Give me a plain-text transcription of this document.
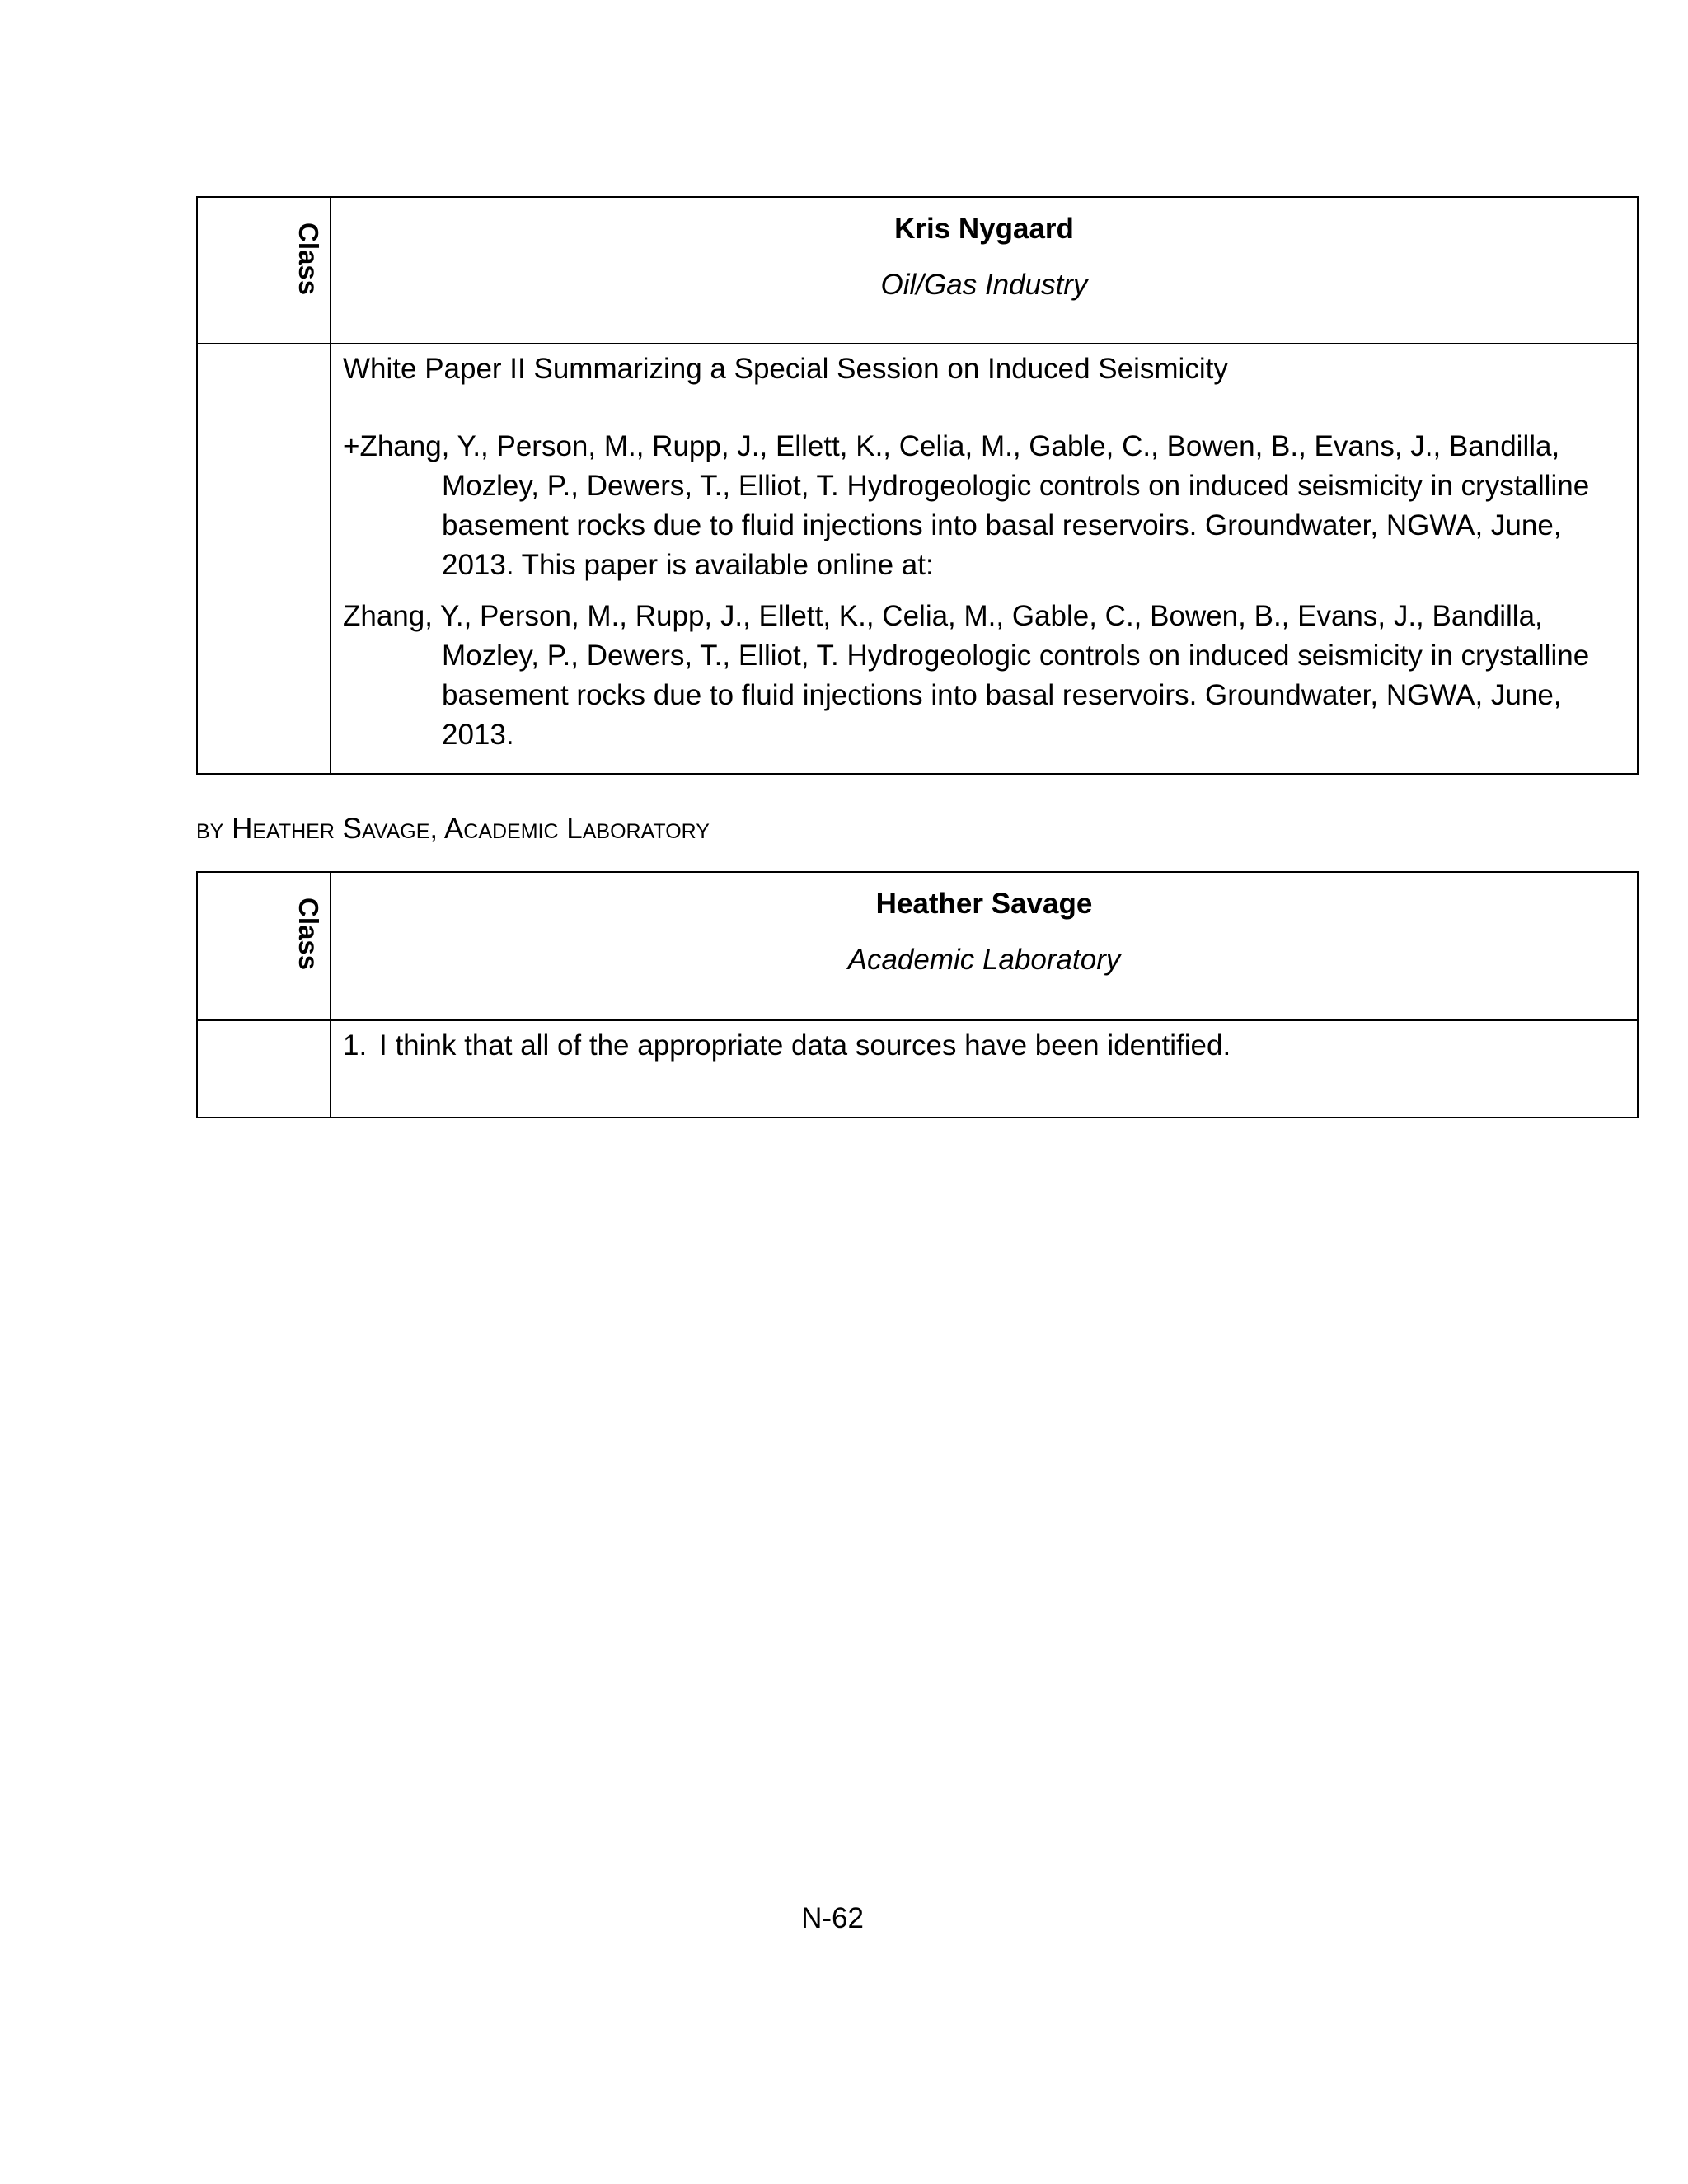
Class	Kris Nygaard
Oil/Gas Industry

	White Paper II Summarizing a Special Session on Induced Seismicity

+Zhang, Y., Person, M., Rupp, J., Ellett, K., Celia, M., Gable, C., Bowen, B., Evans, J., Bandilla, Mozley, P., Dewers, T., Elliot, T. Hydrogeologic controls on induced seismicity in crystalline basement rocks due to fluid injections into basal reservoirs. Groundwater, NGWA, June, 2013. This paper is available online at:

Zhang, Y., Person, M., Rupp, J., Ellett, K., Celia, M., Gable, C., Bowen, B., Evans, J., Bandilla, Mozley, P., Dewers, T., Elliot, T. Hydrogeologic controls on induced seismicity in crystalline basement rocks due to fluid injections into basal reservoirs. Groundwater, NGWA, June, 2013.

by Heather Savage, Academic Laboratory
Class	Heather Savage
Academic Laboratory

	1. I think that all of the appropriate data sources have been identified.
N-62
